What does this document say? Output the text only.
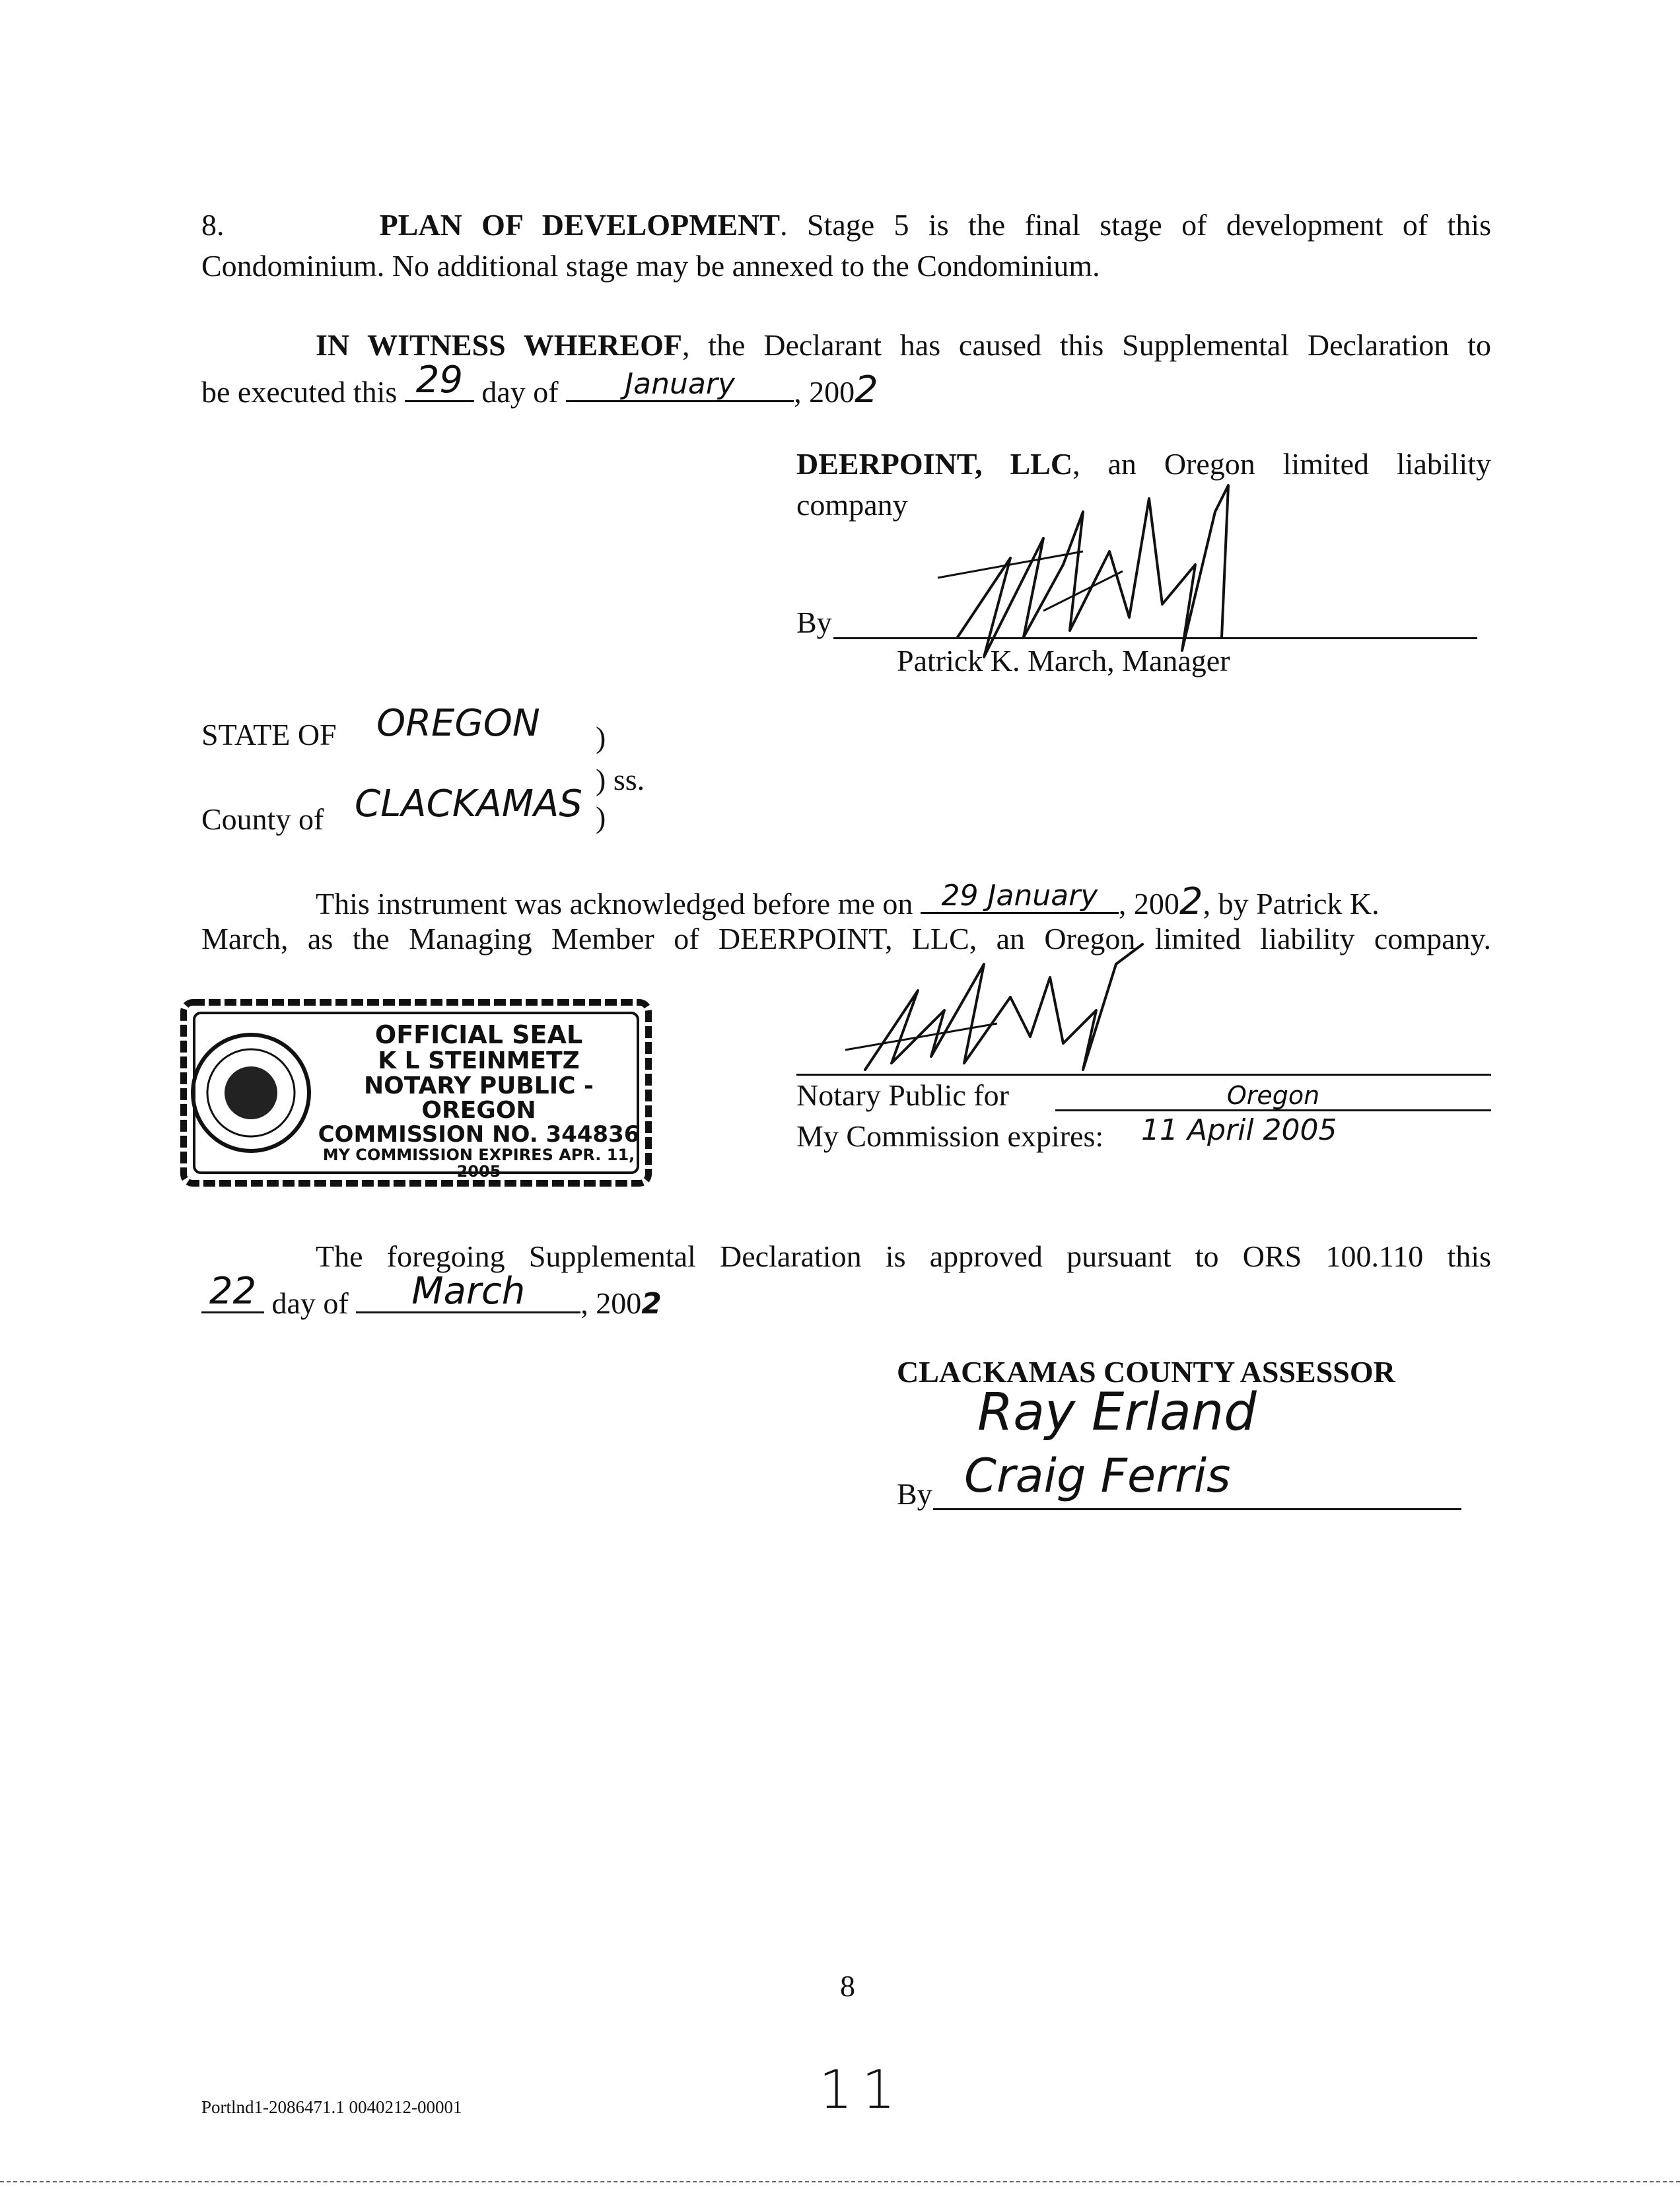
8.	PLAN OF DEVELOPMENT. Stage 5 is the final stage of development of this
Condominium. No additional stage may be annexed to the Condominium.
IN WITNESS WHEREOF, the Declarant has caused this Supplemental Declaration to
be executed this 29 day of	January	, 2002
DEERPOINT, LLC, an Oregon limited liability
company
By
Patrick K. March, Manager
STATE OF OREGON )
) ss.
County of CLACKAMAS )
This instrument was acknowledged before me on 29 January , 2002, by Patrick K.
March, as the Managing Member of DEERPOINT, LLC, an Oregon limited liability company.
OFFICIAL SEAL
K L STEINMETZ
NOTARY PUBLIC - OREGON
COMMISSION NO. 344836
MY COMMISSION EXPIRES APR. 11, 2005
Notary Public for	Oregon
My Commission expires: 11 April 2005
The foregoing Supplemental Declaration is approved pursuant to ORS 100.110 this
22 day of	March	, 2002
CLACKAMAS COUNTY ASSESSOR
Ray Erland
By Craig Ferris
8
11
Portlnd1-2086471.1 0040212-00001
